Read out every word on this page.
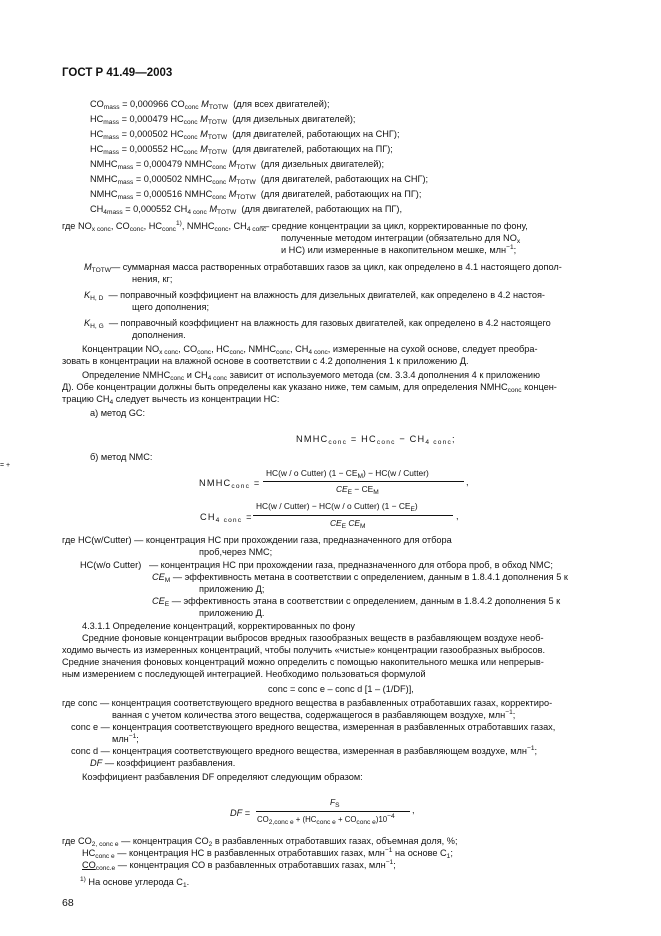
ГОСТ Р 41.49—2003
$CO_{mass} = 0,000966$ $CO_{conc}$ $M_{TOTW}$ (для всех двигателей);
$HC_{mass} = 0,000479$ $HC_{conc}$ $M_{TOTW}$ (для дизельных двигателей);
$HC_{mass} = 0,000502$ $HC_{conc}$ $M_{TOTW}$ (для двигателей, работающих на СНГ);
$HC_{mass} = 0,000552$ $HC_{conc}$ $M_{TOTW}$ (для двигателей, работающих на ПГ);
$NMHC_{mass} = 0,000479$ $NMHC_{conc}$ $M_{TOTW}$ (для дизельных двигателей);
$NMHC_{mass} = 0,000502$ $NMHC_{conc}$ $M_{TOTW}$ (для двигателей, работающих на СНГ);
$NMHC_{mass} = 0,000516$ $NMHC_{conc}$ $M_{TOTW}$ (для двигателей, работающих на ПГ);
$CH_{4mass} = 0,000552$ $CH_{4 conc}$ $M_{TOTW}$ (для двигателей, работающих на ПГ),
где $NO_{x conc}$, $CO_{conc}$, $HC_{conc}^{1)}$, $NMHC_{conc}$, $CH_{4 conc}$
— средние концентрации за цикл, корректированные по фону,
полученные методом интеграции (обязательно для $NO_x$
и НС) или измеренные в накопительном мешке, млн$^{-1}$;
$M_{TOTW}—$ суммарная масса растворенных отработавших газов за цикл, как определено в 4.1 настоящего допол-
нения, кг;
$K_{H, D}$ — поправочный коэффициент на влажность для дизельных двигателей, как определено в 4.2 настоя-
щего дополнения;
$K_{H, G}$ — поправочный коэффициент на влажность для газовых двигателей, как определено в 4.2 настоящего
дополнения.
Концентрации $NO_{x conc}$, $CO_{conc}$, $HC_{conc}$, $NMHC_{conc}$, $CH_{4 conc}$, измеренные на сухой основе, следует преобра-
зовать в концентрации на влажной основе в соответствии с 4.2 дополнения 1 к приложению Д.
Определение $NMHC_{conc}$ и $CH_{4 conc}$ зависит от используемого метода (см. 3.3.4 дополнения 4 к приложению
Д). Обе концентрации должны быть определены как указано ниже, тем самым, для определения $NMHC_{conc}$ концен-
трацию $CH_4$ следует вычесть из концентрации НС:
а) метод GC:
$NMHC_{conc} = HC_{conc} - CH_{4 conc}$;
б) метод NMC:
$NMHC_{conc}$ =
HC(w / o Cutter) $(1 - CE_M) - HC(w$ / Cutter)
$CE_E - CE_M$
,
= +
$CH_{4 conc}$ =
HC(w / Cutter) − HC(w / o Cutter) $(1 - CE_E)$
$CE_E$ $CE_M$
,
где HC(w/Cutter) — концентрация НС при прохождении газа, предназначенного для отбора
проб,через NMC;
HC(w/o Cutter) — концентрация НС при прохождении газа, предназначенного для отбора проб, в обход NMC;
$CE_M$ — эффективность метана в соответствии с определением, данным в 1.8.4.1 дополнения 5 к
приложению Д;
$CE_E$ — эффективность этана в соответствии с определением, данным в 1.8.4.2 дополнения 5 к
приложению Д.
4.3.1.1 Определение концентраций, корректированных по фону
Средние фоновые концентрации выбросов вредных газообразных веществ в разбавляющем воздухе необ-
ходимо вычесть из измеренных концентраций, чтобы получить «чистые» концентрации газообразных выбросов.
Средние значения фоновых концентраций можно определить с помощью накопительного мешка или непрерыв-
ным измерением с последующей интеграцией. Необходимо пользоваться формулой
conc = conc e – conc d [1 – (1/DF)],
где conc — концентрация соответствующего вредного вещества в разбавленных отработавших газах, корректиро-
ванная с учетом количества этого вещества, содержащегося в разбавляющем воздухе, млн$^{-1}$;
conc e — концентрация соответствующего вредного вещества, измеренная в разбавленных отработавших газах,
млн$^{-1}$;
conc d — концентрация соответствующего вредного вещества, измеренная в разбавляющем воздухе, млн$^{-1}$;
DF — коэффициент разбавления.
Коэффициент разбавления DF определяют следующим образом:
DF =
$F_S$
$CO_{2,conc e} + (HC_{conc e} + CO_{conc e})10^{-4}$
,
где $CO_{2, conc e}$ — концентрация $CO_2$ в разбавленных отработавших газах, объемная доля, %;
$HC_{conc e}$ — концентрация НС в разбавленных отработавших газах, млн$^{-1}$ на основе $C_1$;
$CO_{conc e}$ — концентрация СО в разбавленных отработавших газах, млн$^{-1}$;
$^{1)}$ На основе углерода $C_1$.
68
